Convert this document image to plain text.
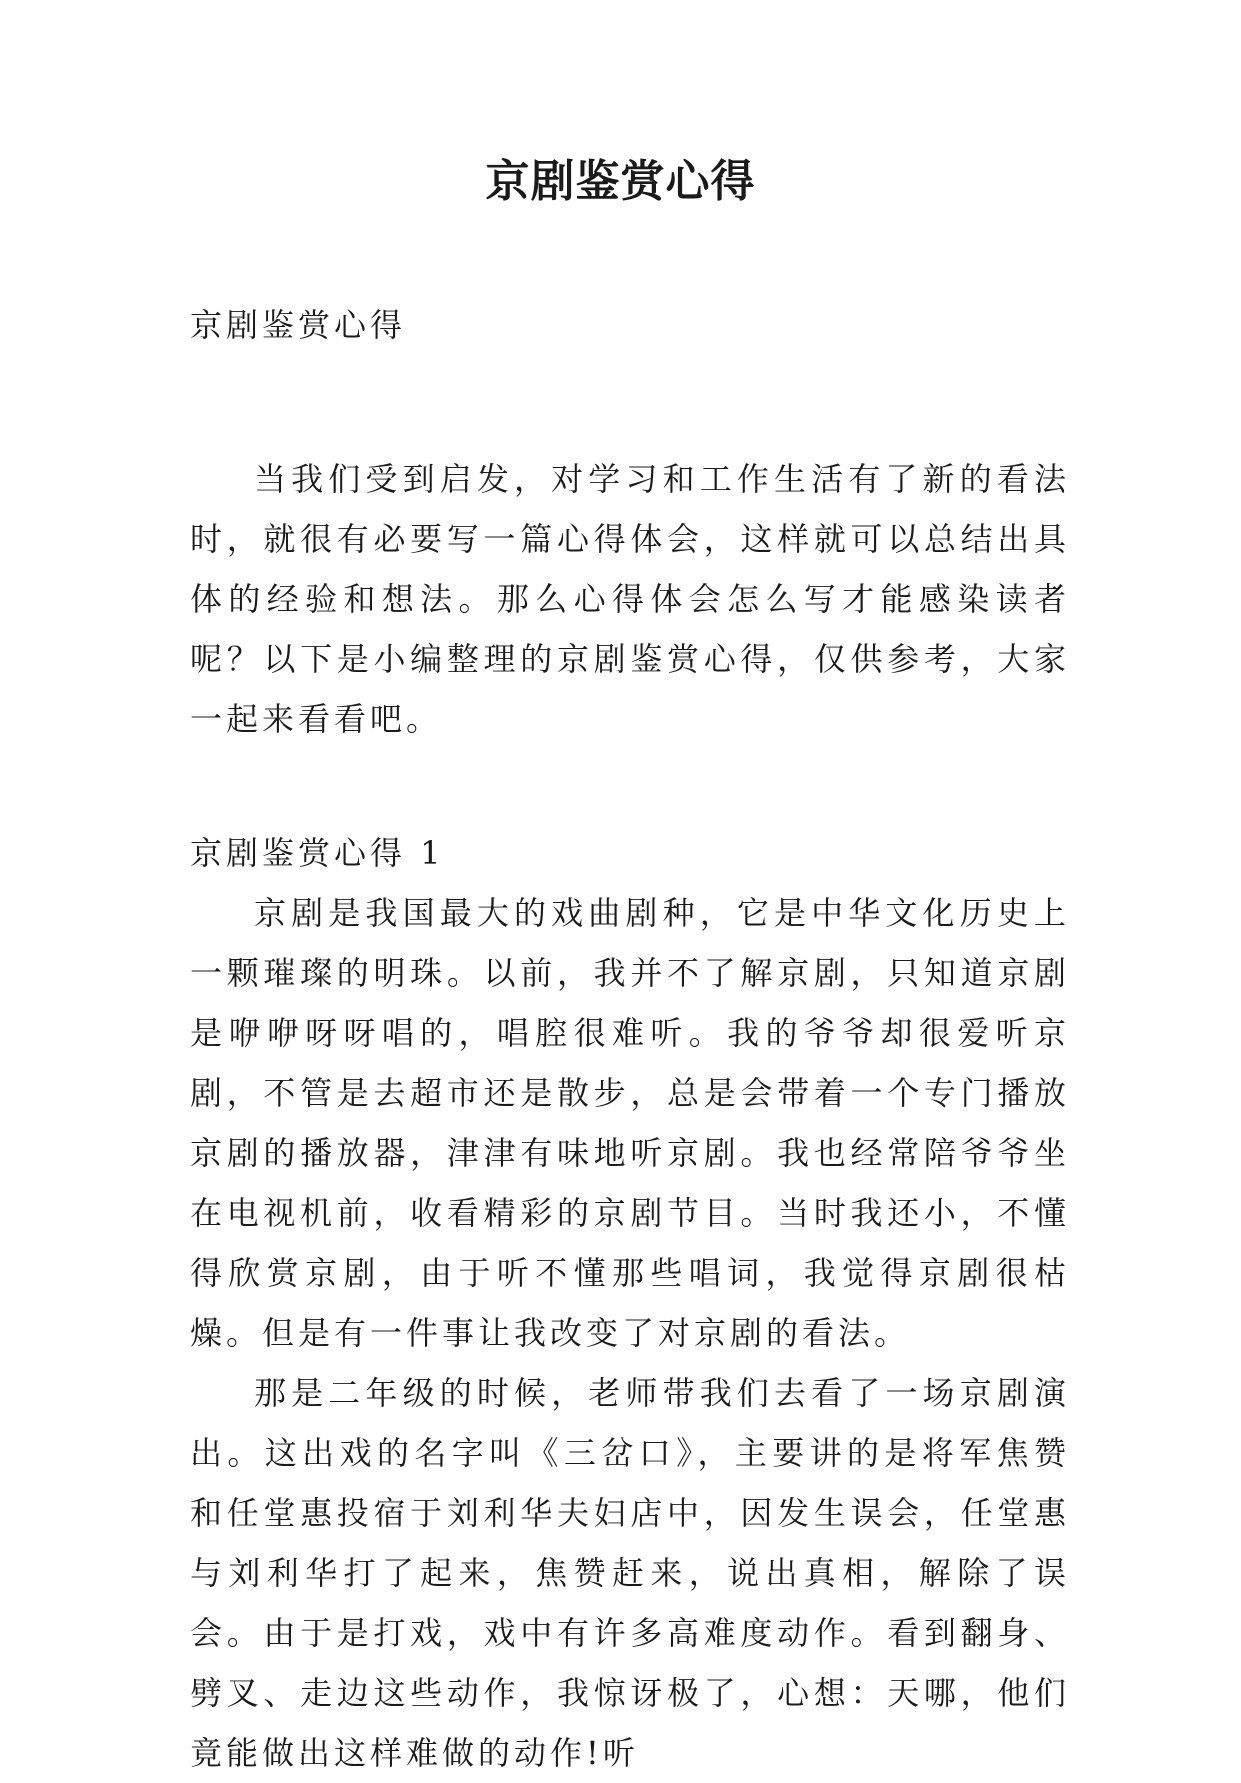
京剧鉴赏心得
京剧鉴赏心得

当我们受到启发，对学习和工作生活有了新的看法时，就很有必要写一篇心得体会，这样就可以总结出具体的经验和想法。那么心得体会怎么写才能感染读者呢？以下是小编整理的京剧鉴赏心得，仅供参考，大家一起来看看吧。

京剧鉴赏心得 1

京剧是我国最大的戏曲剧种，它是中华文化历史上一颗璀璨的明珠。以前，我并不了解京剧，只知道京剧是咿咿呀呀唱的，唱腔很难听。我的爷爷却很爱听京剧，不管是去超市还是散步，总是会带着一个专门播放京剧的播放器，津津有味地听京剧。我也经常陪爷爷坐在电视机前，收看精彩的京剧节目。当时我还小，不懂得欣赏京剧，由于听不懂那些唱词，我觉得京剧很枯燥。但是有一件事让我改变了对京剧的看法。

那是二年级的时候，老师带我们去看了一场京剧演出。这出戏的名字叫《三岔口》，主要讲的是将军焦赞和任堂惠投宿于刘利华夫妇店中，因发生误会，任堂惠与刘利华打了起来，焦赞赶来，说出真相，解除了误会。由于是打戏，戏中有许多高难度动作。看到翻身、劈叉、走边这些动作，我惊讶极了，心想：天哪，他们竟能做出这样难做的动作!听
